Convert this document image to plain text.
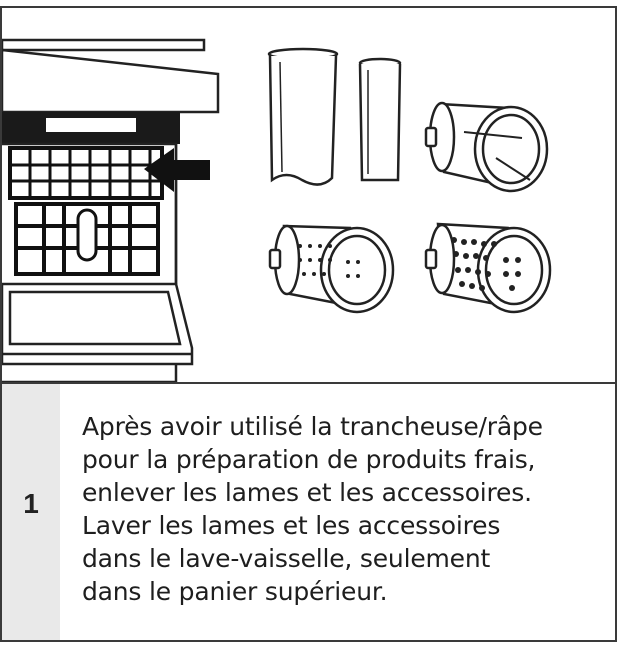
1
Après avoir utilisé la trancheuse/râpe
pour la préparation de produits frais,
enlever les lames et les accessoires.
Laver les lames et les accessoires
dans le lave-vaisselle, seulement
dans le panier supérieur.
